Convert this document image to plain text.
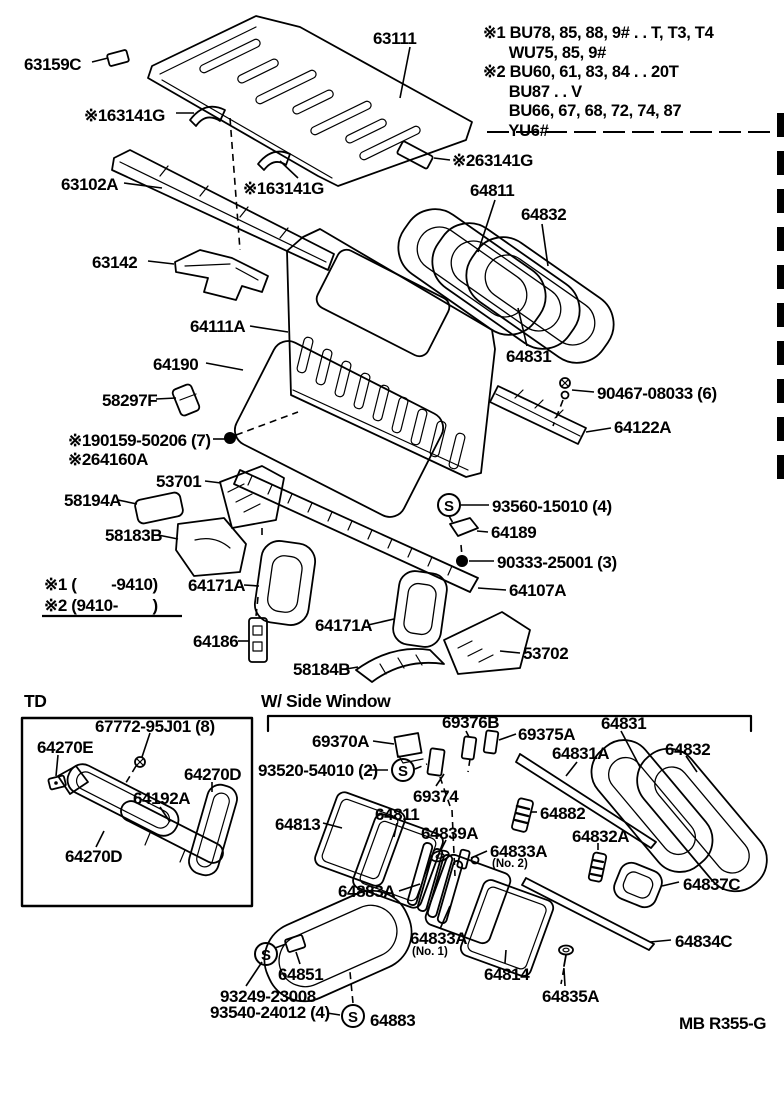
S
S
S
S
※1 BU78, 85, 88, 9# . . T, T3, T4
WU75, 85, 9#
※2 BU60, 61, 83, 84 . . 20T
BU87 . . V
BU66, 67, 68, 72, 74, 87
YU6#
63111
63159C
※163141G
63102A	※163141G
※263141G
64811
64832
63142
64111A
64831
64190
90467-08033 (6)
58297F
64122A
※190159-50206 (7)
※264160A
53701
58194A	93560-15010 (4)
58183B	64189
90333-25001 (3)
※1 (        -9410)
※2 (9410-        )
64171A	64107A
64171A
64186
53702
58184B
TD
67772-95J01 (8)
64270E
64270D
64192A
64270D
W/ Side Window
69376B
69370A	69375A
64831
64831A	64832
93520-54010 (2)
69374
64813
64811
64839A
64882
64833A
(No. 2)
64832A
64883A	64837C
64833A
(No. 1)
64834C
64814
64835A
64851
93249-23008
93540-24012 (4) 64883	MB R355-G
